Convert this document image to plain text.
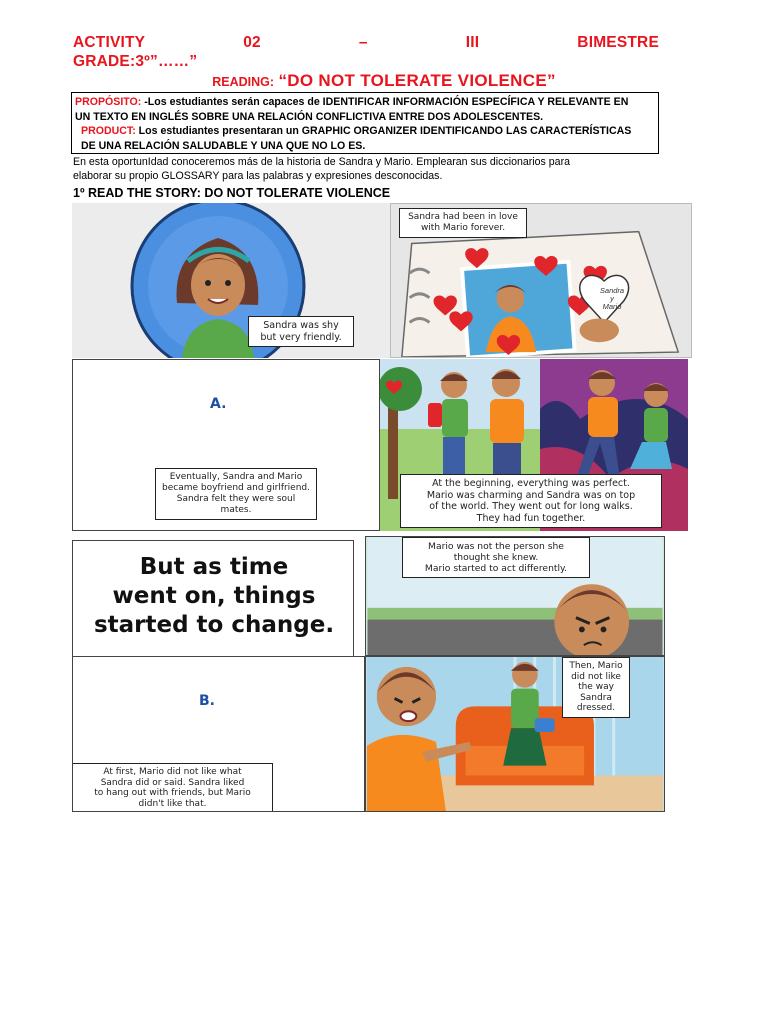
ACTIVITY	02	–	III	BIMESTRE
GRADE:3º”……”
READING: “DO NOT TOLERATE VIOLENCE”
PROPÓSITO: -Los estudiantes serán capaces de IDENTIFICAR INFORMACIÓN ESPECÍFICA Y RELEVANTE EN
UN TEXTO EN INGLÉS SOBRE UNA RELACIÓN CONFLICTIVA ENTRE DOS ADOLESCENTES.
PRODUCT: Los estudiantes presentaran un GRAPHIC ORGANIZER IDENTIFICANDO LAS CARACTERÍSTICAS
DE UNA RELACIÓN SALUDABLE Y UNA QUE NO LO ES.
En esta oportunIdad conoceremos más de la historia de Sandra y Mario. Emplearan sus diccionarios para
elaborar su propio GLOSSARY para las palabras y expresiones desconocidas.
1º READ THE STORY: DO NOT TOLERATE VIOLENCE
Sandra was shy
but very friendly.
Sandra
y
Mario
Sandra had been in love
with Mario forever.
A.
Eventually, Sandra and Mario
became boyfriend and girlfriend.
Sandra felt they were soul mates.
At the beginning, everything was perfect.
Mario was charming and Sandra was on top
of the world. They went out for long walks.
They had fun together.
But as time
went on, things
started to change.
Mario was not the person she
thought she knew.
Mario started to act differently.
B.
At first, Mario did not like what
Sandra did or said. Sandra liked
to hang out with friends, but Mario
didn't like that.
Then, Mario
did not like
the way
Sandra
dressed.
